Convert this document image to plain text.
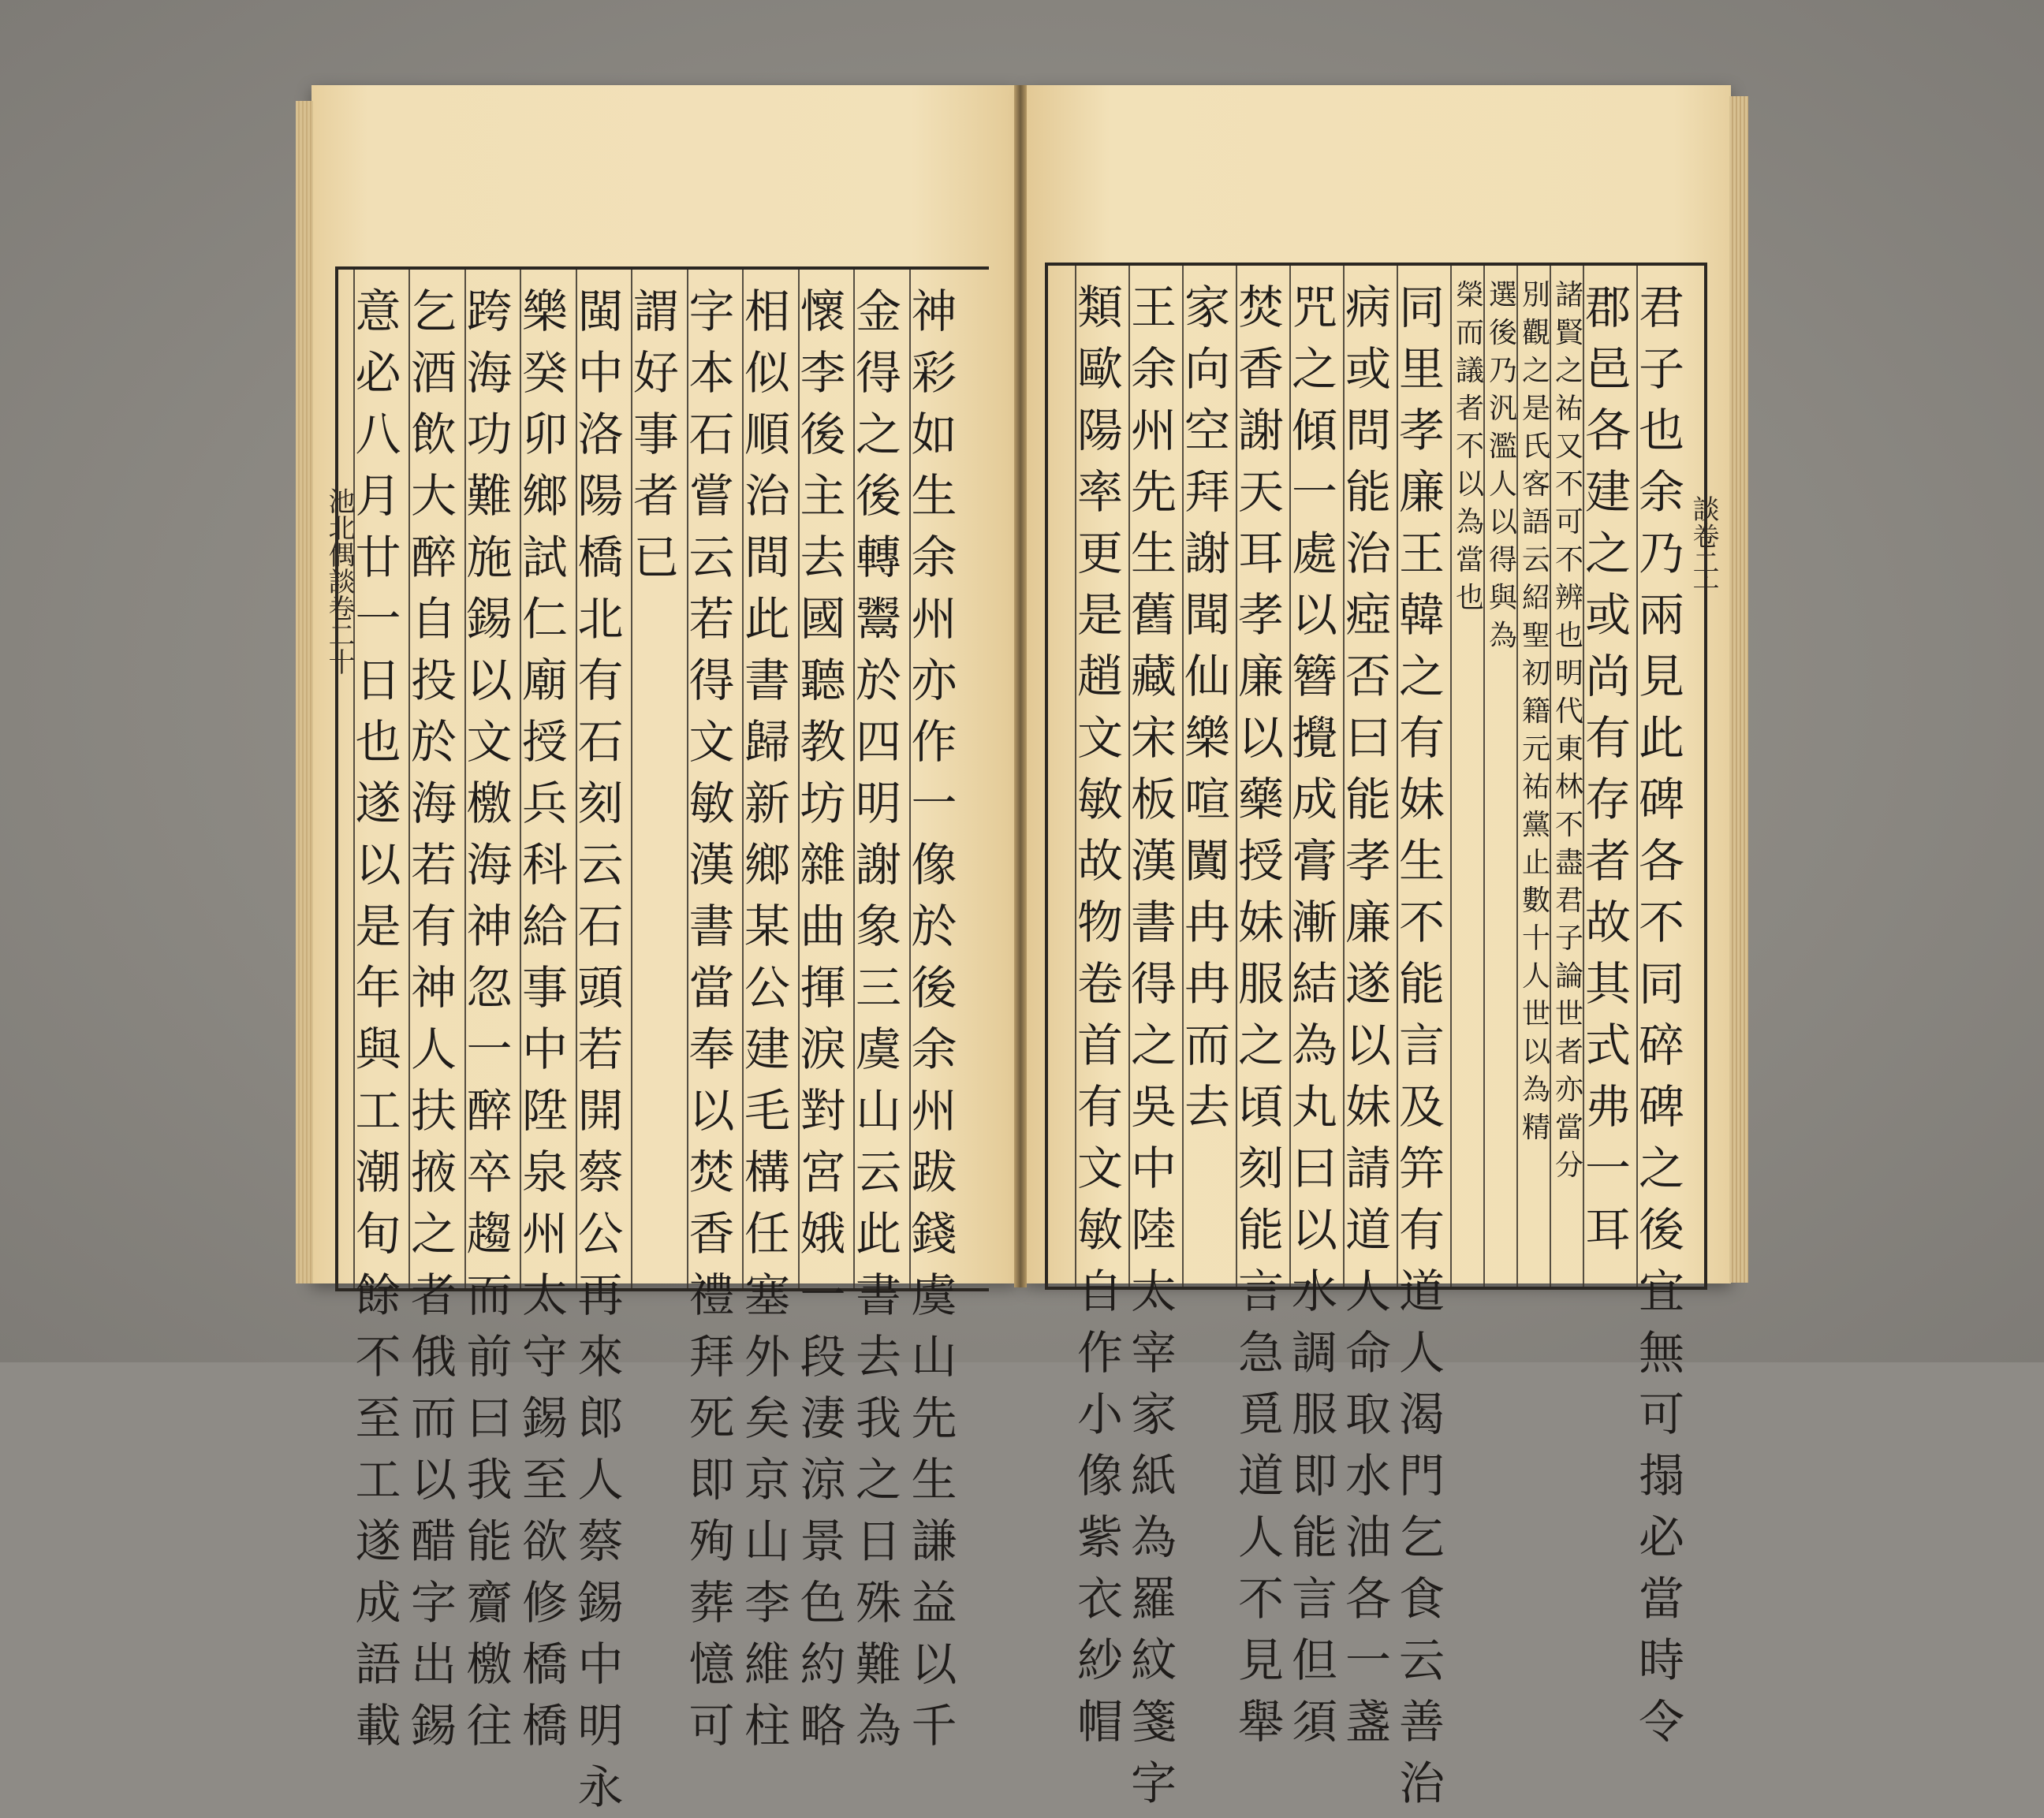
神
彩
如
生
余
州
亦
作
一
像
於
後
余
州
跋
錢
虞
山
先
生
謙
益
以
千
金
得
之
後
轉
鬻
於
四
明
謝
象
三
虞
山
云
此
書
去
我
之
日
殊
難
為
懷
李
後
主
去
國
聽
教
坊
雜
曲
揮
淚
對
宮
娥
一
段
淒
涼
景
色
約
略
相
似
順
治
間
此
書
歸
新
鄉
某
公
建
毛
構
任
塞
外
矣
京
山
李
維
柱
字
本
石
嘗
云
若
得
文
敏
漢
書
當
奉
以
焚
香
禮
拜
死
即
殉
葬
憶
可
謂
好
事
者
已
閩
中
洛
陽
橋
北
有
石
刻
云
石
頭
若
開
蔡
公
再
來
郎
人
蔡
錫
中
明
永
樂
癸
卯
鄉
試
仁
廟
授
兵
科
給
事
中
陞
泉
州
太
守
錫
至
欲
修
橋
橋
跨
海
功
難
施
錫
以
文
檄
海
神
忽
一
醉
卒
趨
而
前
曰
我
能
齎
檄
往
乞
酒
飲
大
醉
自
投
於
海
若
有
神
人
扶
掖
之
者
俄
而
以
醋
字
出
錫
意
必
八
月
廿
一
日
也
遂
以
是
年
與
工
潮
旬
餘
不
至
工
遂
成
語
載
君
子
也
余
乃
兩
見
此
碑
各
不
同
碎
碑
之
後
宜
無
可
搨
必
當
時
令
郡
邑
各
建
之
或
尚
有
存
者
故
其
式
弗
一
耳
諸
賢
之
祐
又
不
可
不
辨
也
明
代
東
林
不
盡
君
子
論
世
者
亦
當
分
別
觀
之
是
氏
客
語
云
紹
聖
初
籍
元
祐
黨
止
數
十
人
世
以
為
精
選
後
乃
汎
濫
人
以
得
與
為
榮
而
議
者
不
以
為
當
也
同
里
孝
廉
王
韓
之
有
妹
生
不
能
言
及
笄
有
道
人
渴
門
乞
食
云
善
治
病
或
問
能
治
瘂
否
曰
能
孝
廉
遂
以
妹
請
道
人
命
取
水
油
各
一
盞
咒
之
傾
一
處
以
簪
攪
成
膏
漸
結
為
丸
曰
以
水
調
服
即
能
言
但
須
焚
香
謝
天
耳
孝
廉
以
藥
授
妹
服
之
頃
刻
能
言
急
覓
道
人
不
見
舉
家
向
空
拜
謝
聞
仙
樂
喧
闐
冉
冉
而
去
王
余
州
先
生
舊
藏
宋
板
漢
書
得
之
吳
中
陸
太
宰
家
紙
為
羅
紋
箋
字
類
歐
陽
率
更
是
趙
文
敏
故
物
卷
首
有
文
敏
自
作
小
像
紫
衣
紗
帽
池北偶談卷二十	談卷二十
